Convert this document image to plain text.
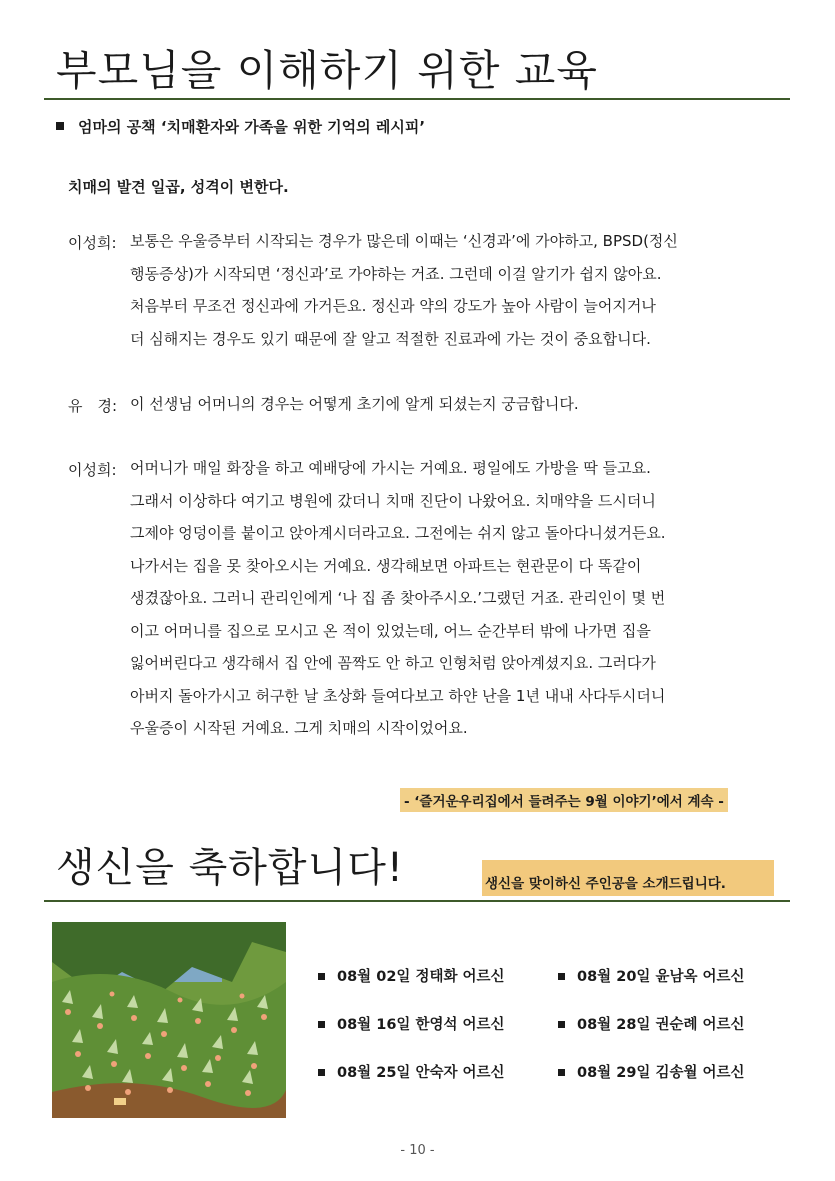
부모님을 이해하기 위한 교육
엄마의 공책 ‘치매환자와 가족을 위한 기억의 레시피’
치매의 발견 일곱, 성격이 변한다.
이성희: 보통은 우울증부터 시작되는 경우가 많은데 이때는 ‘신경과’에 가야하고, BPSD(정신

행동증상)가 시작되면 ‘정신과’로 가야하는 거죠. 그런데 이걸 알기가 쉽지 않아요.

처음부터 무조건 정신과에 가거든요. 정신과 약의 강도가 높아 사람이 늘어지거나

더 심해지는 경우도 있기 때문에 잘 알고 적절한 진료과에 가는 것이 중요합니다.

유　경: 이 선생님 어머니의 경우는 어떻게 초기에 알게 되셨는지 궁금합니다.

이성희: 어머니가 매일 화장을 하고 예배당에 가시는 거예요. 평일에도 가방을 딱 들고요.

그래서 이상하다 여기고 병원에 갔더니 치매 진단이 나왔어요. 치매약을 드시더니

그제야 엉덩이를 붙이고 앉아계시더라고요. 그전에는 쉬지 않고 돌아다니셨거든요.

나가서는 집을 못 찾아오시는 거예요. 생각해보면 아파트는 현관문이 다 똑같이

생겼잖아요. 그러니 관리인에게 ‘나 집 좀 찾아주시오.’그랬던 거죠. 관리인이 몇 번

이고 어머니를 집으로 모시고 온 적이 있었는데, 어느 순간부터 밖에 나가면 집을

잃어버린다고 생각해서 집 안에 꼼짝도 안 하고 인형처럼 앉아계셨지요. 그러다가

아버지 돌아가시고 허구한 날 초상화 들여다보고 하얀 난을 1년 내내 사다두시더니

우울증이 시작된 거예요. 그게 치매의 시작이었어요.

- ‘즐거운우리집에서 들려주는 9월 이야기’에서 계속 -
생신을 축하합니다!	생신을 맞이하신 주인공을 소개드립니다.
08월 02일 정태화 어르신	08월 20일 윤남옥 어르신
08월 16일 한영석 어르신	08월 28일 권순례 어르신
08월 25일 안숙자 어르신	08월 29일 김송월 어르신
- 10 -
